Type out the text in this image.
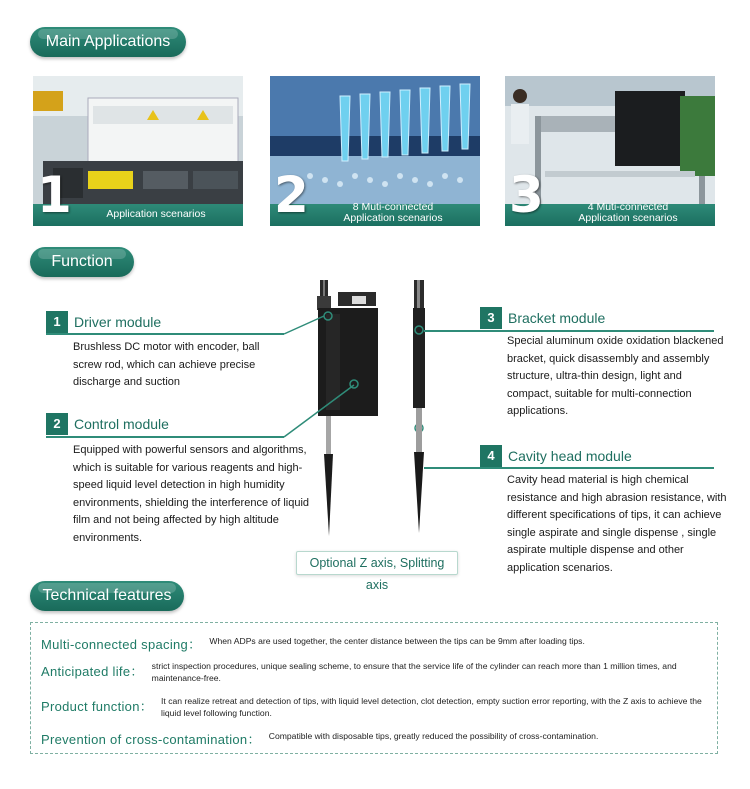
Main Applications
1	Application scenarios	2	8 Muti-connected
Application scenarios	3	4 Muti-connected
Application scenarios
Function
Optional Z axis, Splitting axis
1 Driver module
Brushless DC motor with encoder, ball screw rod, which can achieve precise discharge and suction
2 Control module
Equipped with powerful sensors and algorithms, which is suitable for various reagents and high-speed liquid level detection in high humidity environments, shielding the interference of liquid film and not being affected by high altitude environments.
3 Bracket module
Special aluminum oxide oxidation blackened bracket, quick disassembly and assembly structure, ultra-thin design, light and compact, suitable for multi-connection applications.
4 Cavity head module
Cavity head material is high chemical resistance and high abrasion resistance, with different specifications of tips, it can achieve single aspirate and single dispense , single aspirate multiple dispense and other application scenarios.
Technical features
Multi-connected spacing： When ADPs are used together, the center distance between the tips can be 9mm after loading tips.
Anticipated life： strict inspection procedures, unique sealing scheme, to ensure that the service life of the cylinder can reach more than 1 million times, and maintenance-free.
Product function： It can realize retreat and detection of tips, with liquid level detection, clot detection, empty suction error reporting, with the Z axis to achieve the liquid level following function.
Prevention of cross-contamination： Compatible with disposable tips, greatly reduced the possibility of cross-contamination.
